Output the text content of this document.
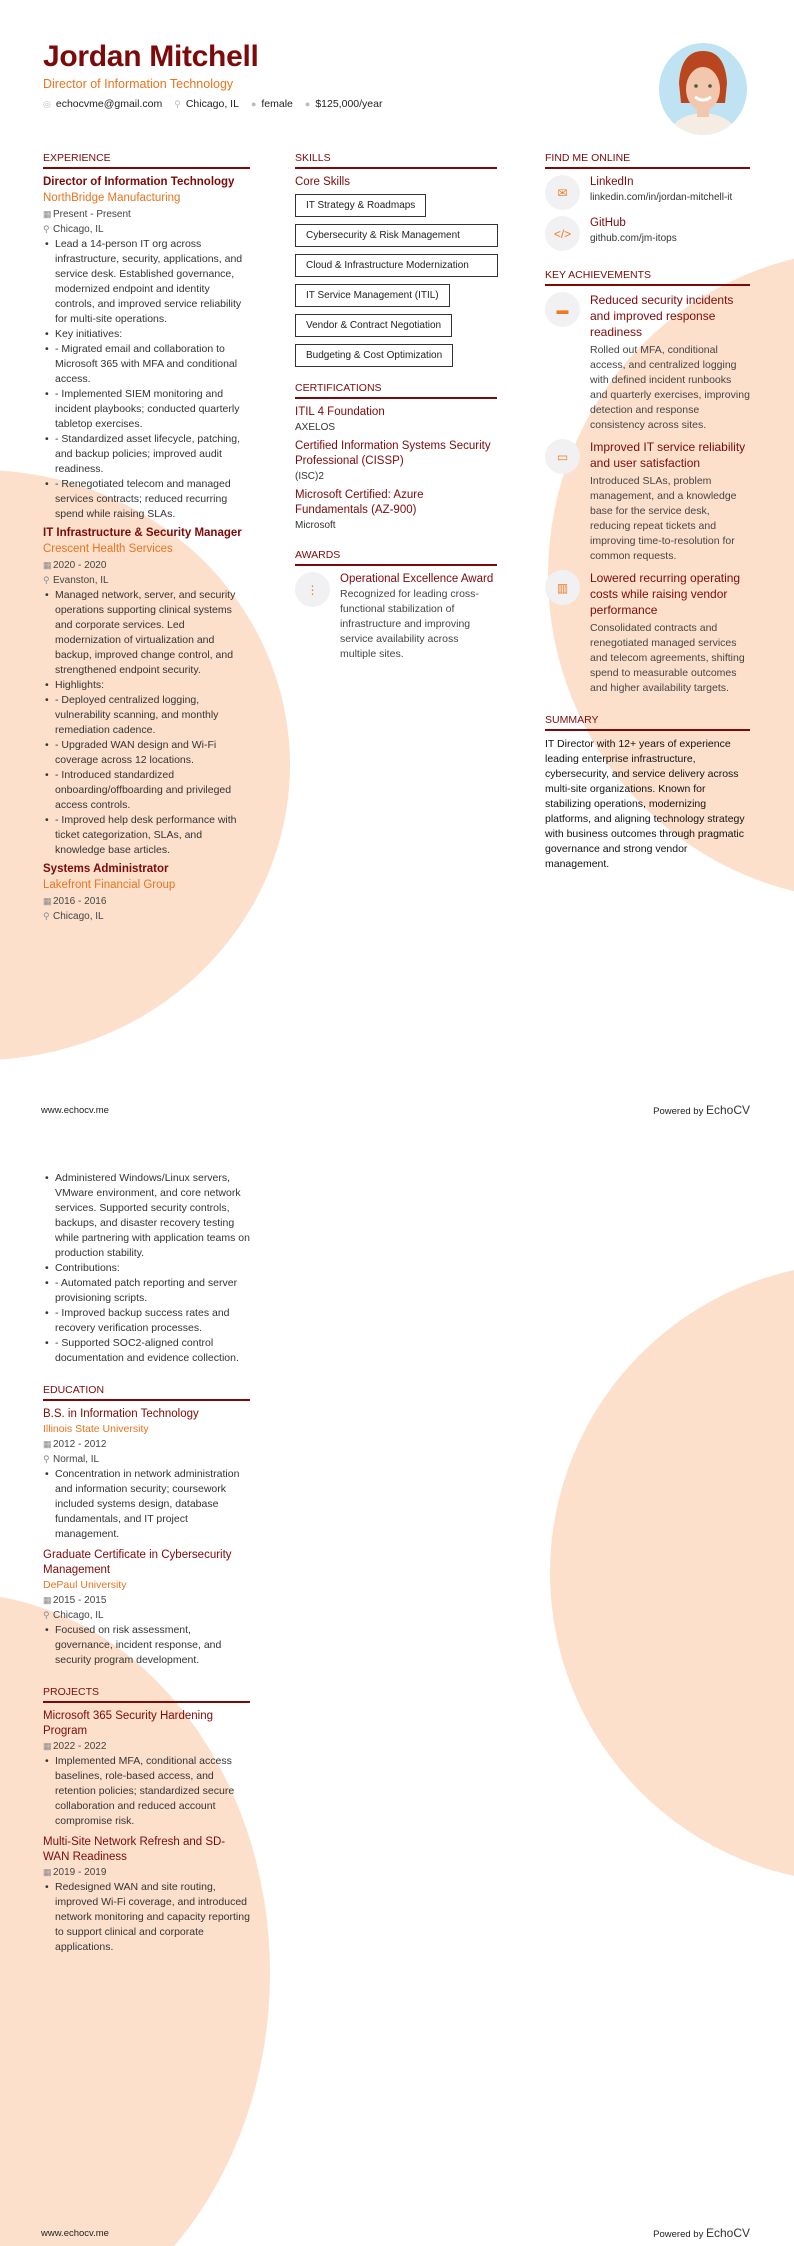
Jordan Mitchell
Director of Information Technology
◎ echocvme@gmail.com ⚲ Chicago, IL ● female ● $125,000/year
EXPERIENCE
Director of Information Technology
NorthBridge Manufacturing
▦Present - Present
⚲ Chicago, IL
• Lead a 14-person IT org across infrastructure, security, applications, and service desk. Established governance, modernized endpoint and identity controls, and improved service reliability for multi-site operations.
• Key initiatives:
• - Migrated email and collaboration to Microsoft 365 with MFA and conditional access.
• - Implemented SIEM monitoring and incident playbooks; conducted quarterly tabletop exercises.
• - Standardized asset lifecycle, patching, and backup policies; improved audit readiness.
• - Renegotiated telecom and managed services contracts; reduced recurring spend while raising SLAs.
IT Infrastructure & Security Manager
Crescent Health Services
▦2020 - 2020
⚲ Evanston, IL
• Managed network, server, and security operations supporting clinical systems and corporate services. Led modernization of virtualization and backup, improved change control, and strengthened endpoint security.
• Highlights:
• - Deployed centralized logging, vulnerability scanning, and monthly remediation cadence.
• - Upgraded WAN design and Wi-Fi coverage across 12 locations.
• - Introduced standardized onboarding/offboarding and privileged access controls.
• - Improved help desk performance with ticket categorization, SLAs, and knowledge base articles.
Systems Administrator
Lakefront Financial Group
▦2016 - 2016
⚲ Chicago, IL
SKILLS
Core Skills
IT Strategy & Roadmaps
Cybersecurity & Risk Management
Cloud & Infrastructure Modernization
IT Service Management (ITIL)
Vendor & Contract Negotiation
Budgeting & Cost Optimization
CERTIFICATIONS
ITIL 4 Foundation
AXELOS
Certified Information Systems Security Professional (CISSP)
(ISC)2
Microsoft Certified: Azure Fundamentals (AZ-900)
Microsoft
AWARDS
⋮
Operational Excellence Award
Recognized for leading cross-functional stabilization of infrastructure and improving service availability across multiple sites.
FIND ME ONLINE
✉
LinkedIn
linkedin.com/in/jordan-mitchell-it
</>
GitHub
github.com/jm-itops
KEY ACHIEVEMENTS
▬
Reduced security incidents and improved response readiness
Rolled out MFA, conditional access, and centralized logging with defined incident runbooks and quarterly exercises, improving detection and response consistency across sites.
▭
Improved IT service reliability and user satisfaction
Introduced SLAs, problem management, and a knowledge base for the service desk, reducing repeat tickets and improving time-to-resolution for common requests.
▥
Lowered recurring operating costs while raising vendor performance
Consolidated contracts and renegotiated managed services and telecom agreements, shifting spend to measurable outcomes and higher availability targets.
SUMMARY
IT Director with 12+ years of experience leading enterprise infrastructure, cybersecurity, and service delivery across multi-site organizations. Known for stabilizing operations, modernizing platforms, and aligning technology strategy with business outcomes through pragmatic governance and strong vendor management.
www.echocv.me	Powered by EchoCV
• Administered Windows/Linux servers, VMware environment, and core network services. Supported security controls, backups, and disaster recovery testing while partnering with application teams on production stability.
• Contributions:
• - Automated patch reporting and server provisioning scripts.
• - Improved backup success rates and recovery verification processes.
• - Supported SOC2-aligned control documentation and evidence collection.
EDUCATION
B.S. in Information Technology
Illinois State University
▦2012 - 2012
⚲ Normal, IL
• Concentration in network administration and information security; coursework included systems design, database fundamentals, and IT project management.
Graduate Certificate in Cybersecurity Management
DePaul University
▦2015 - 2015
⚲ Chicago, IL
• Focused on risk assessment, governance, incident response, and security program development.
PROJECTS
Microsoft 365 Security Hardening Program
▦2022 - 2022
• Implemented MFA, conditional access baselines, role-based access, and retention policies; standardized secure collaboration and reduced account compromise risk.
Multi-Site Network Refresh and SD-WAN Readiness
▦2019 - 2019
• Redesigned WAN and site routing, improved Wi-Fi coverage, and introduced network monitoring and capacity reporting to support clinical and corporate applications.
www.echocv.me	Powered by EchoCV
